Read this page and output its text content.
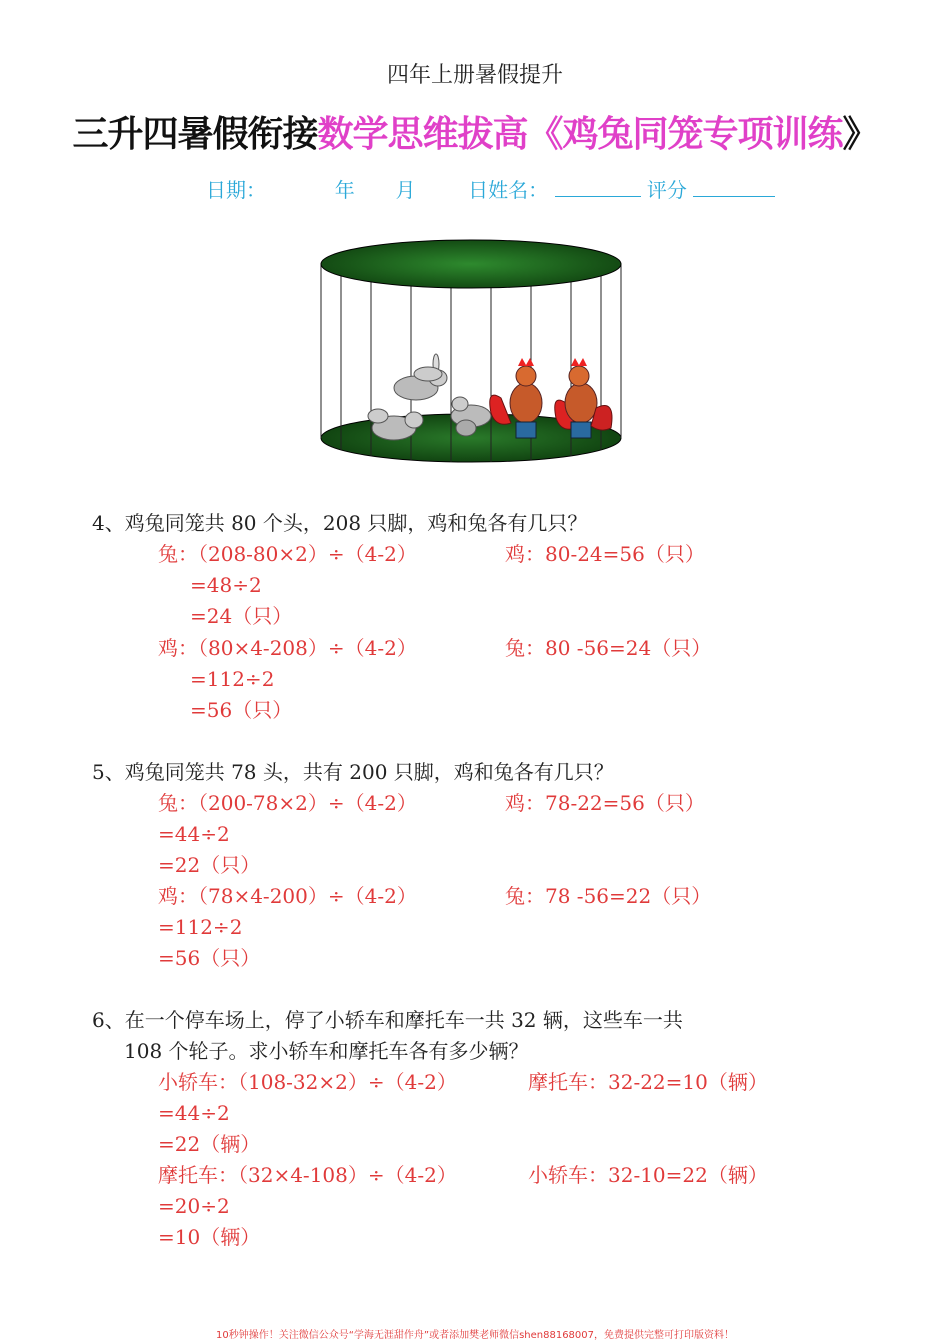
四年上册暑假提升
三升四暑假衔接数学思维拔高《鸡兔同笼专项训练》
日期：	年 月	日姓名：	评分
4、鸡兔同笼共 80 个头，208 只脚，鸡和兔各有几只？
兔：（208-80×2）÷（4-2）	鸡：80-24=56（只）
=48÷2
=24（只）
鸡：（80×4-208）÷（4-2）	兔：80 -56=24（只）
=112÷2
=56（只）
5、鸡兔同笼共 78 头，共有 200 只脚，鸡和兔各有几只？
兔：（200-78×2）÷（4-2）	鸡：78-22=56（只）
=44÷2
=22（只）
鸡：（78×4-200）÷（4-2）	兔：78 -56=22（只）
=112÷2
=56（只）
6、在一个停车场上，停了小轿车和摩托车一共 32 辆，这些车一共
108 个轮子。求小轿车和摩托车各有多少辆？
小轿车：（108-32×2）÷（4-2）	摩托车：32-22=10（辆）
=44÷2
=22（辆）
摩托车：（32×4-108）÷（4-2）	小轿车：32-10=22（辆）
=20÷2
=10（辆）
10秒钟操作！关注微信公众号“学海无涯甜作舟”或者添加樊老师微信shen88168007，免费提供完整可打印版资料！
